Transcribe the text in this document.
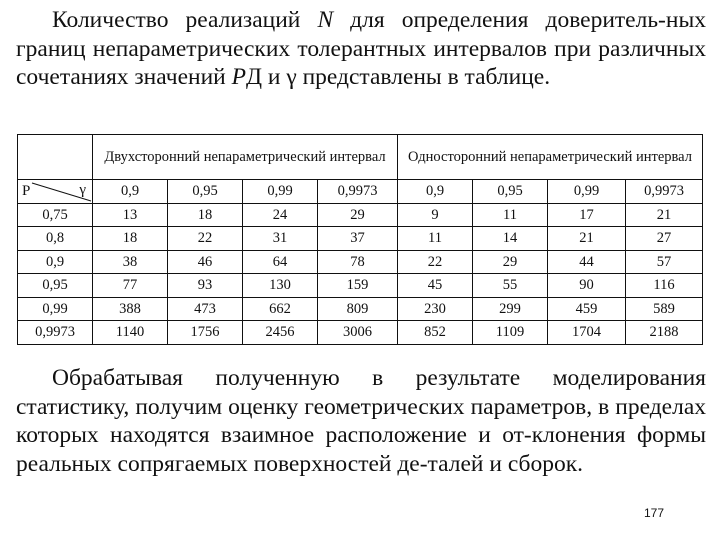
Количество реализаций N для определения доверитель-ных границ непараметрических толерантных интервалов при различных сочетаниях значений PД и γ представлены в таблице.

	Двухсторонний непараметрический интервал				Односторонний непараметрический интервал			

P γ	0,9	0,95	0,99	0,9973	0,9	0,95	0,99	0,9973
0,75	13	18	24	29	9	11	17	21
0,8	18	22	31	37	11	14	21	27
0,9	38	46	64	78	22	29	44	57
0,95	77	93	130	159	45	55	90	116
0,99	388	473	662	809	230	299	459	589
0,9973	1140	1756	2456	3006	852	1109	1704	2188

Обрабатывая полученную в результате моделирования статистику, получим оценку геометрических параметров, в пределах которых находятся взаимное расположение и от-клонения формы реальных сопрягаемых поверхностей де-талей и сборок.

177
